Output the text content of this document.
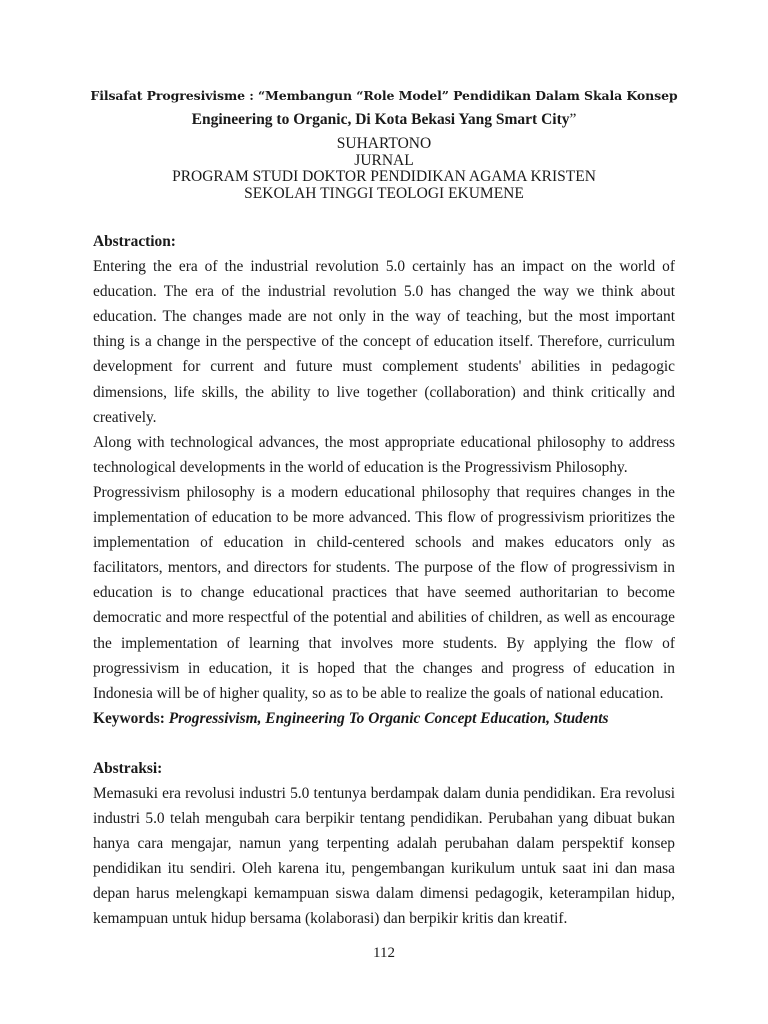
Filsafat Progresivisme : “Membangun “Role Model” Pendidikan Dalam Skala Konsep
Engineering to Organic, Di Kota Bekasi Yang Smart City”
SUHARTONO
JURNAL
PROGRAM STUDI DOKTOR PENDIDIKAN AGAMA KRISTEN
SEKOLAH TINGGI TEOLOGI EKUMENE
Abstraction:
Entering the era of the industrial revolution 5.0 certainly has an impact on the world of education. The era of the industrial revolution 5.0 has changed the way we think about education. The changes made are not only in the way of teaching, but the most important thing is a change in the perspective of the concept of education itself. Therefore, curriculum development for current and future must complement students' abilities in pedagogic dimensions, life skills, the ability to live together (collaboration) and think critically and creatively.
Along with technological advances, the most appropriate educational philosophy to address technological developments in the world of education is the Progressivism Philosophy.
Progressivism philosophy is a modern educational philosophy that requires changes in the implementation of education to be more advanced. This flow of progressivism prioritizes the implementation of education in child-centered schools and makes educators only as facilitators, mentors, and directors for students. The purpose of the flow of progressivism in education is to change educational practices that have seemed authoritarian to become democratic and more respectful of the potential and abilities of children, as well as encourage the implementation of learning that involves more students. By applying the flow of progressivism in education, it is hoped that the changes and progress of education in Indonesia will be of higher quality, so as to be able to realize the goals of national education.
Keywords: Progressivism, Engineering To Organic Concept Education, Students
Abstraksi:
Memasuki era revolusi industri 5.0 tentunya berdampak dalam dunia pendidikan. Era revolusi industri 5.0 telah mengubah cara berpikir tentang pendidikan. Perubahan yang dibuat bukan hanya cara mengajar, namun yang terpenting adalah perubahan dalam perspektif konsep pendidikan itu sendiri. Oleh karena itu, pengembangan kurikulum untuk saat ini dan masa depan harus melengkapi kemampuan siswa dalam dimensi pedagogik, keterampilan hidup, kemampuan untuk hidup bersama (kolaborasi) dan berpikir kritis dan kreatif.
112
